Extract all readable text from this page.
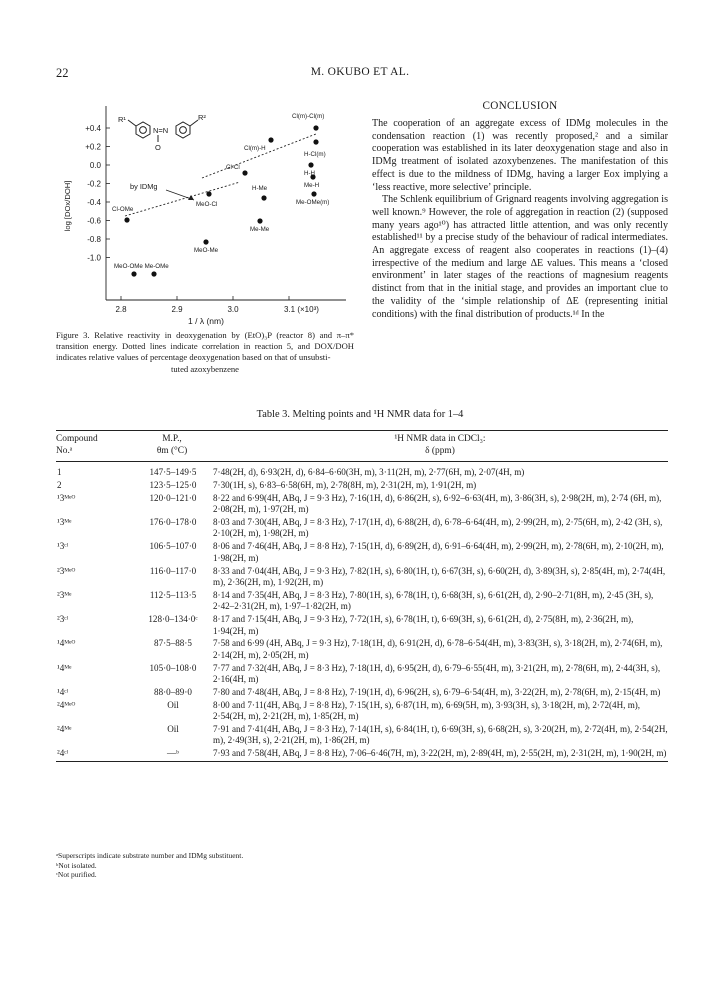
22	M. OKUBO ET AL.
+0.4
+0.2
0.0
-0.2
-0.4
-0.6
-0.8
-1.0
log [DOx/DOH]
2.8	2.9	3.0	3.1 (×10³)
1 / λ (nm)
R¹
N=N
O
R²	Cl(m)-Cl(m)
Cl(m)-H
H-Cl(m)
Cl-Cl
H-H
Me-H
MeO-Cl
H-Me
Me-OMe(m)
Cl-OMe
Me-Me
MeO-Me
MeO-OMe Me-OMe
by IDMg
Figure 3. Relative reactivity in deoxygenation by (EtO)₃P (reactor 8) and π–π* transition energy. Dotted lines indicate correlation in reaction 5, and DOX/DOH indicates relative values of percentage deoxygenation based on that of unsubsti-
tuted azoxybenzene
CONCLUSION

The cooperation of an aggregate excess of IDMg molecules in the condensation reaction (1) was recently proposed,² and a similar cooperation was established in its later deoxygenation stage and also in IDMg treatment of isolated azoxybenzenes. The manifestation of this effect is due to the mildness of IDMg, having a larger Eox implying a ‘less reactive, more selective’ principle.

The Schlenk equilibrium of Grignard reagents involving aggregation is well known.⁹ However, the role of aggregation in reaction (2) (supposed many years ago¹⁰) has attracted little attention, and was only recently established¹¹ by a precise study of the behaviour of radical intermediates. An aggregate excess of reagent also cooperates in reactions (1)–(4) irrespective of the medium and large ΔE values. This means a ‘closed environment’ in later stages of the reactions of magnesium reagents distinct from that in the initial stage, and provides an important clue to the validity of the ‘simple relationship of ΔE (representing initial conditions) with the final distribution of products.¹ᵈ In the

Table 3. Melting points and ¹H NMR data for 1–4
Compound
No.ᵃ
M.P.,
θm (°C)
¹H NMR data in CDCl₃:
δ (ppm)
1	147·5–149·5	7·48(2H, d), 6·93(2H, d), 6·84–6·60(3H, m), 3·11(2H, m), 2·77(6H, m), 2·07(4H, m)
2	123·5–125·0	7·30(1H, s), 6·83–6·58(6H, m), 2·78(8H, m), 2·31(2H, m), 1·91(2H, m)
¹3ᴹᵉᴼ	120·0–121·0	8·22 and 6·99(4H, ABq, J = 9·3 Hz), 7·16(1H, d), 6·86(2H, s), 6·92–6·63(4H, m), 3·86(3H, s), 2·98(2H, m), 2·74 (6H, m), 2·08(2H, m), 1·97(2H, m)
¹3ᴹᵉ	176·0–178·0	8·03 and 7·30(4H, ABq, J = 8·3 Hz), 7·17(1H, d), 6·88(2H, d), 6·78–6·64(4H, m), 2·99(2H, m), 2·75(6H, m), 2·42 (3H, s), 2·10(2H, m), 1·98(2H, m)
¹3ᶜˡ	106·5–107·0	8·06 and 7·46(4H, ABq, J = 8·8 Hz), 7·15(1H, d), 6·89(2H, d), 6·91–6·64(4H, m), 2·99(2H, m), 2·78(6H, m), 2·10(2H, m), 1·98(2H, m)
²3ᴹᵉᴼ	116·0–117·0	8·33 and 7·04(4H, ABq, J = 9·3 Hz), 7·82(1H, s), 6·80(1H, t), 6·67(3H, s), 6·60(2H, d), 3·89(3H, s), 2·85(4H, m), 2·74(4H, m), 2·36(2H, m), 1·92(2H, m)
²3ᴹᵉ	112·5–113·5	8·14 and 7·35(4H, ABq, J = 8·3 Hz), 7·80(1H, s), 6·78(1H, t), 6·68(3H, s), 6·61(2H, d), 2·90–2·71(8H, m), 2·45 (3H, s), 2·42–2·31(2H, m), 1·97–1·82(2H, m)
²3ᶜˡ	128·0–134·0ᶜ	8·17 and 7·15(4H, ABq, J = 9·3 Hz), 7·72(1H, s), 6·78(1H, t), 6·69(3H, s), 6·61(2H, d), 2·75(8H, m), 2·36(2H, m), 1·94(2H, m)
¹4ᴹᵉᴼ	87·5–88·5	7·58 and 6·99 (4H, ABq, J = 9·3 Hz), 7·18(1H, d), 6·91(2H, d), 6·78–6·54(4H, m), 3·83(3H, s), 3·18(2H, m), 2·74(6H, m), 2·14(2H, m), 2·05(2H, m)
¹4ᴹᵉ	105·0–108·0	7·77 and 7·32(4H, ABq, J = 8·3 Hz), 7·18(1H, d), 6·95(2H, d), 6·79–6·55(4H, m), 3·21(2H, m), 2·78(6H, m), 2·44(3H, s), 2·16(4H, m)
¹4ᶜˡ	88·0–89·0	7·80 and 7·48(4H, ABq, J = 8·8 Hz), 7·19(1H, d), 6·96(2H, s), 6·79–6·54(4H, m), 3·22(2H, m), 2·78(6H, m), 2·15(4H, m)
²4ᴹᵉᴼ	Oil	8·00 and 7·11(4H, ABq, J = 8·8 Hz), 7·15(1H, s), 6·87(1H, m), 6·69(5H, m), 3·93(3H, s), 3·18(2H, m), 2·72(4H, m), 2·54(2H, m), 2·21(2H, m), 1·85(2H, m)
²4ᴹᵉ	Oil	7·91 and 7·41(4H, ABq, J = 8·3 Hz), 7·14(1H, s), 6·84(1H, t), 6·69(3H, s), 6·68(2H, s), 3·20(2H, m), 2·72(4H, m), 2·54(2H, m), 2·49(3H, s), 2·21(2H, m), 1·86(2H, m)
²4ᶜˡ	—ᵇ	7·93 and 7·58(4H, ABq, J = 8·8 Hz), 7·06–6·46(7H, m), 3·22(2H, m), 2·89(4H, m), 2·55(2H, m), 2·31(2H, m), 1·90(2H, m)
ᵃSuperscripts indicate substrate number and IDMg substituent.
ᵇNot isolated.
ᶜNot purified.
